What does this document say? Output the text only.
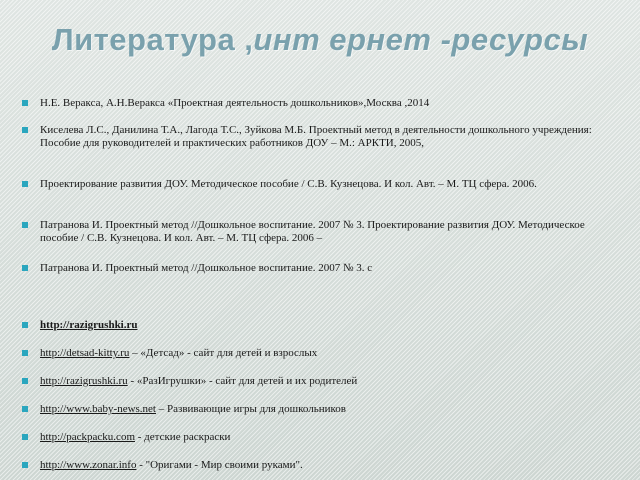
Литература ,инт ернет -ресурсы
Н.Е. Веракса, А.Н.Веракса «Проектная деятельность дошкольников»,Москва ,2014
Киселева Л.С., Данилина Т.А., Лагода Т.С., Зуйкова М.Б. Проектный метод в деятельности дошкольного учреждения: Пособие для руководителей и практических работников ДОУ – М.: АРКТИ, 2005,
Проектирование развития ДОУ. Методическое пособие / С.В. Кузнецова. И кол. Авт. – М. ТЦ сфера. 2006.
Патранова И. Проектный метод //Дошкольное воспитание. 2007 № 3. Проектирование развития ДОУ. Методическое пособие / С.В. Кузнецова. И кол. Авт. – М. ТЦ сфера. 2006 –
Патранова И. Проектный метод //Дошкольное воспитание. 2007 № 3. с
http://razigrushki.ru
http://detsad-kitty.ru – «Детсад» - сайт для детей и взрослых
http://razigrushki.ru - «РазИгрушки» - сайт для детей и их родителей
http://www.baby-news.net – Развивающие игры для дошкольников
http://packpacku.com - детские раскраски
http://www.zonar.info - "Оригами - Мир своими руками".
